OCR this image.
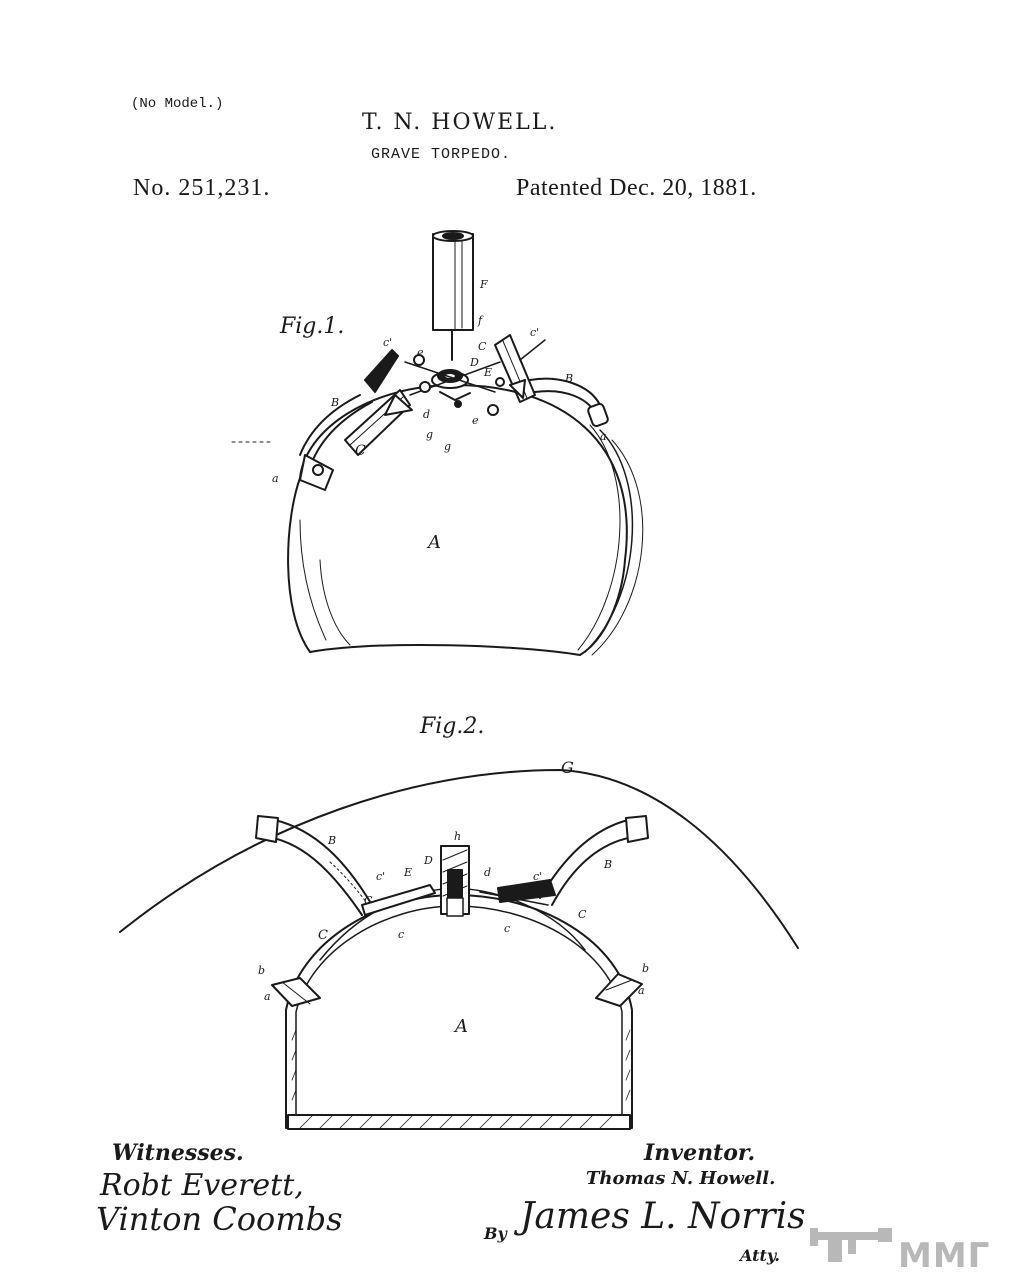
(No Model.)
T. N. HOWELL.
GRAVE TORPEDO.
No. 251,231.	Patented Dec. 20, 1881.
Fig.1.
Fig.2.
F
f
c'
c'
C
e
D
E
B
B
d	e
g
g
C
a
a
A
G
h
D
E	d
c'	c'
B
B
C
C
C	c	c
b	b
a	a
A
Witnesses.
Robt Everett,
Vinton Coombs
Inventor.
Thomas N. Howell.
By James L. Norris
Atty.	ММГ
